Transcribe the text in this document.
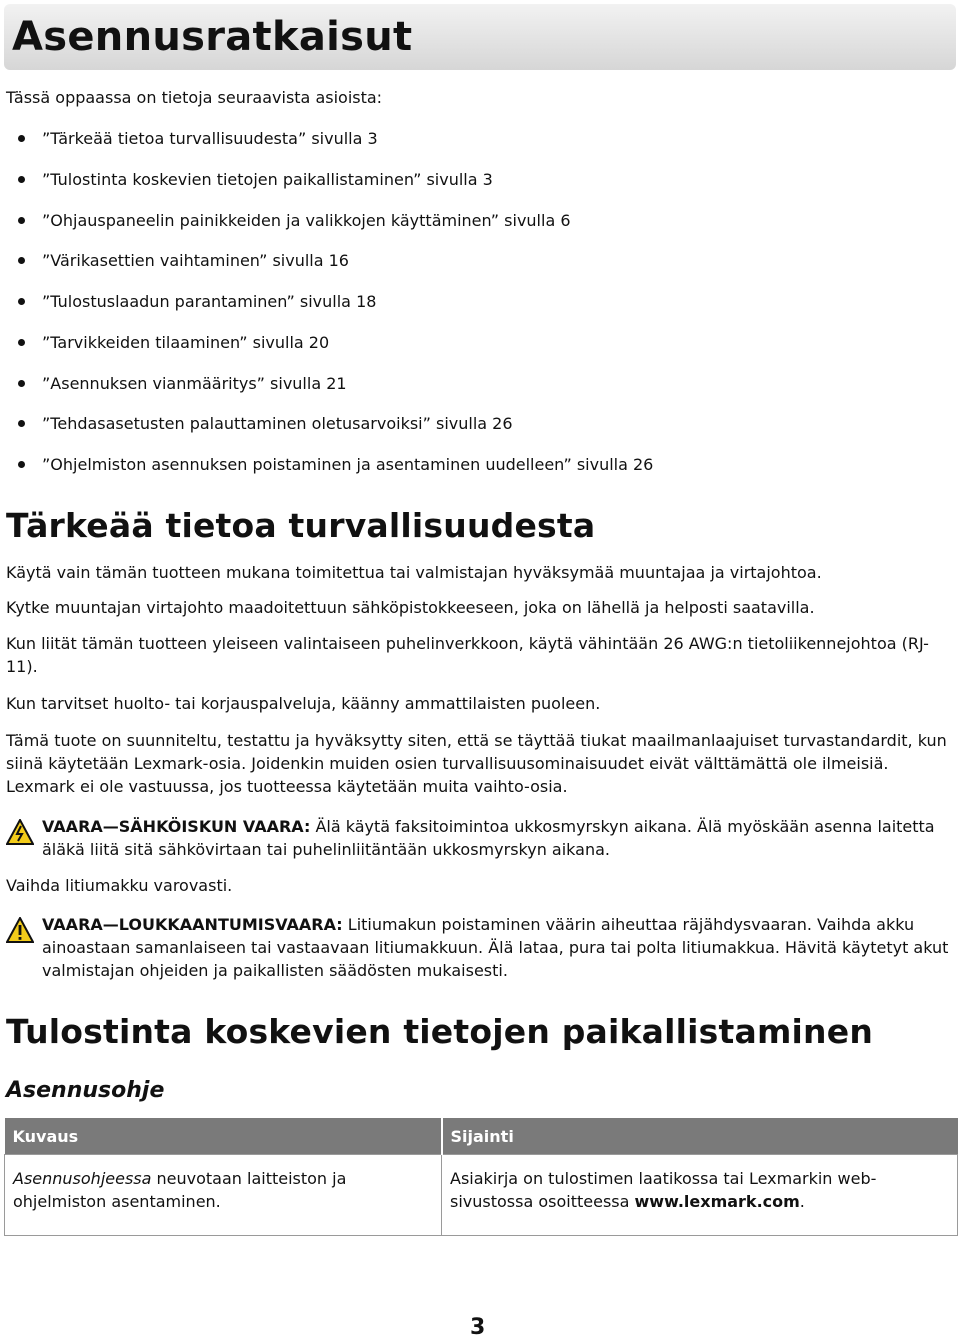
Asennusratkaisut
Tässä oppaassa on tietoja seuraavista asioista:
”Tärkeää tietoa turvallisuudesta” sivulla 3
”Tulostinta koskevien tietojen paikallistaminen” sivulla 3
”Ohjauspaneelin painikkeiden ja valikkojen käyttäminen” sivulla 6
”Värikasettien vaihtaminen” sivulla 16
”Tulostuslaadun parantaminen” sivulla 18
”Tarvikkeiden tilaaminen” sivulla 20
”Asennuksen vianmääritys” sivulla 21
”Tehdasasetusten palauttaminen oletusarvoiksi” sivulla 26
”Ohjelmiston asennuksen poistaminen ja asentaminen uudelleen” sivulla 26
Tärkeää tietoa turvallisuudesta

Käytä vain tämän tuotteen mukana toimitettua tai valmistajan hyväksymää muuntajaa ja virtajohtoa.

Kytke muuntajan virtajohto maadoitettuun sähköpistokkeeseen, joka on lähellä ja helposti saatavilla.

Kun liität tämän tuotteen yleiseen valintaiseen puhelinverkkoon, käytä vähintään 26 AWG:n tietoliikennejohtoa (RJ-11).

Kun tarvitset huolto- tai korjauspalveluja, käänny ammattilaisten puoleen.

Tämä tuote on suunniteltu, testattu ja hyväksytty siten, että se täyttää tiukat maailmanlaajuiset turvastandardit, kun siinä käytetään Lexmark-osia. Joidenkin muiden osien turvallisuusominaisuudet eivät välttämättä ole ilmeisiä. Lexmark ei ole vastuussa, jos tuotteessa käytetään muita vaihto-osia.

VAARA—SÄHKÖISKUN VAARA: Älä käytä faksitoimintoa ukkosmyrskyn aikana. Älä myöskään asenna laitetta äläkä liitä sitä sähkövirtaan tai puhelinliitäntään ukkosmyrskyn aikana.

Vaihda litiumakku varovasti.

VAARA—LOUKKAANTUMISVAARA: Litiumakun poistaminen väärin aiheuttaa räjähdysvaaran. Vaihda akku ainoastaan samanlaiseen tai vastaavaan litiumakkuun. Älä lataa, pura tai polta litiumakkua. Hävitä käytetyt akut valmistajan ohjeiden ja paikallisten säädösten mukaisesti.

Tulostinta koskevien tietojen paikallistaminen
Asennusohje
Kuvaus	Sijainti
Asennusohjeessa neuvotaan laitteiston ja ohjelmiston asentaminen.	Asiakirja on tulostimen laatikossa tai Lexmarkin web-sivustossa osoitteessa www.lexmark.com.
3
